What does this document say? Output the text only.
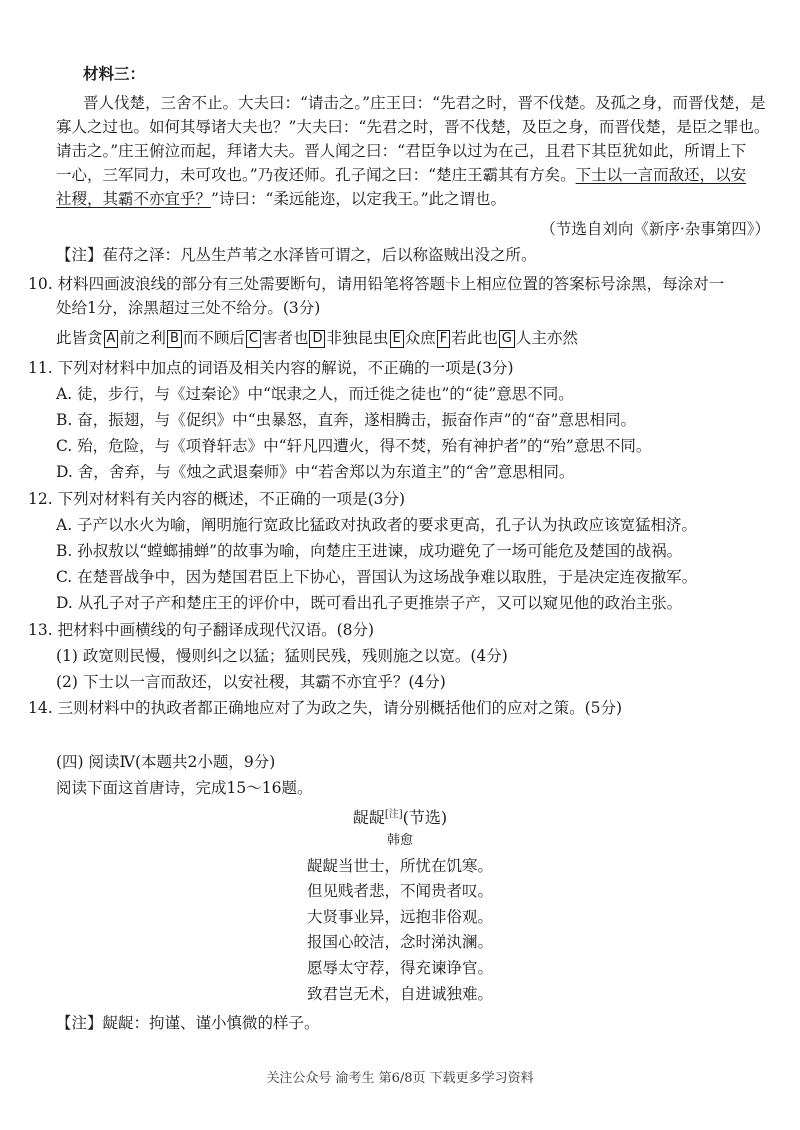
材料三：
晋人伐楚，三舍不止。大夫曰：“请击之。”庄王曰：“先君之时，晋不伐楚。及孤之身，而晋伐楚，是
寡人之过也。如何其辱诸大夫也？”大夫曰：“先君之时，晋不伐楚，及臣之身，而晋伐楚，是臣之罪也。
请击之。”庄王俯泣而起，拜诸大夫。晋人闻之曰：“君臣争以过为在己，且君下其臣犹如此，所谓上下
一心，三军同力，未可攻也。”乃夜还师。孔子闻之曰：“楚庄王霸其有方矣。下士以一言而敌还，以安
社稷，其霸不亦宜乎？”诗曰：“柔远能迩，以定我王。”此之谓也。
（节选自刘向《新序·杂事第四》）
【注】萑苻之泽：凡丛生芦苇之水泽皆可谓之，后以称盗贼出没之所。
10. 材料四画波浪线的部分有三处需要断句，请用铅笔将答题卡上相应位置的答案标号涂黑，每涂对一
处给1分，涂黑超过三处不给分。(3分)
此皆贪 A 前之利 B 而不顾后 C 害者也 D 非独昆虫 E 众庶 F 若此也 G 人主亦然
11. 下列对材料中加点的词语及相关内容的解说，不正确的一项是(3分)
A. 徒，步行，与《过秦论》中“氓隶之人，而迁徙之徒也”的“徒”意思不同。
B. 奋，振翅，与《促织》中“虫暴怒，直奔，遂相腾击，振奋作声”的“奋”意思相同。
C. 殆，危险，与《项脊轩志》中“轩凡四遭火，得不焚，殆有神护者”的“殆”意思不同。
D. 舍，舍弃，与《烛之武退秦师》中“若舍郑以为东道主”的“舍”意思相同。
12. 下列对材料有关内容的概述，不正确的一项是(3分)
A. 子产以水火为喻，阐明施行宽政比猛政对执政者的要求更高，孔子认为执政应该宽猛相济。
B. 孙叔敖以“螳螂捕蝉”的故事为喻，向楚庄王进谏，成功避免了一场可能危及楚国的战祸。
C. 在楚晋战争中，因为楚国君臣上下协心，晋国认为这场战争难以取胜，于是决定连夜撤军。
D. 从孔子对子产和楚庄王的评价中，既可看出孔子更推崇子产，又可以窥见他的政治主张。
13. 把材料中画横线的句子翻译成现代汉语。(8分)
(1) 政宽则民慢，慢则纠之以猛；猛则民残，残则施之以宽。(4分)
(2) 下士以一言而敌还，以安社稷，其霸不亦宜乎？(4分)
14. 三则材料中的执政者都正确地应对了为政之失，请分别概括他们的应对之策。(5分)
(四) 阅读Ⅳ(本题共2小题，9分)
阅读下面这首唐诗，完成15～16题。
龊龊[注](节选)
韩愈
龊龊当世士，所忧在饥寒。
但见贱者悲，不闻贵者叹。
大贤事业异，远抱非俗观。
报国心皎洁，念时涕汍澜。
愿辱太守荐，得充谏诤官。
致君岂无术，自进诚独难。
【注】龊龊：拘谨、谨小慎微的样子。
关注公众号 渝考生 第6/8页 下载更多学习资料
